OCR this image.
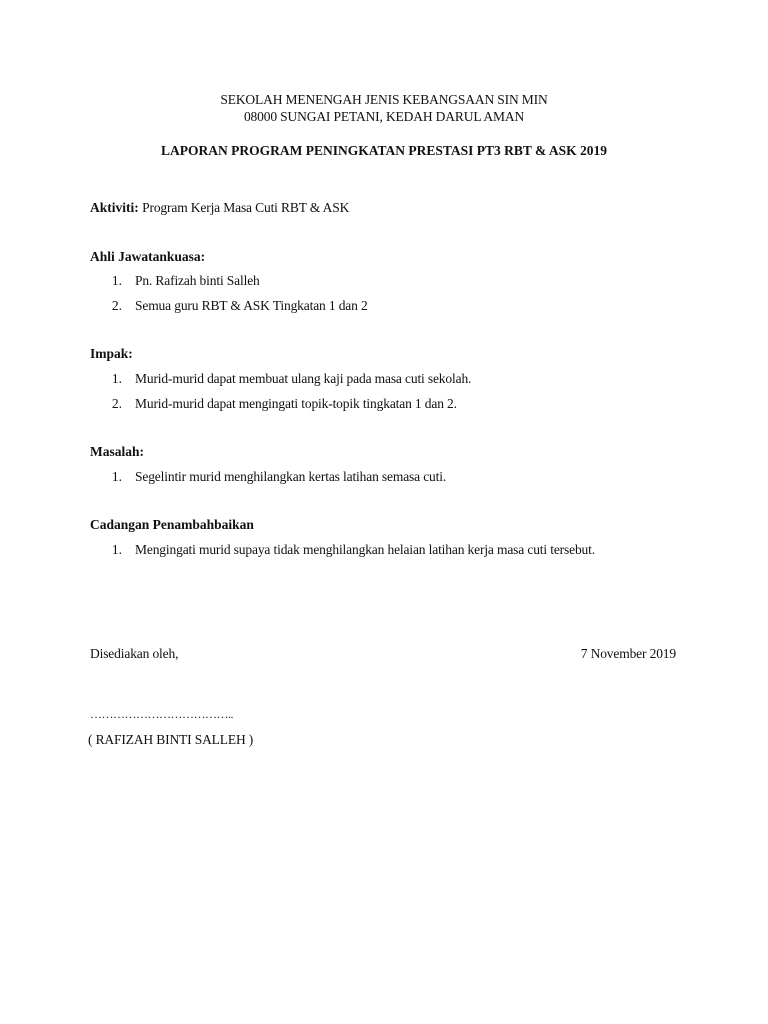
SEKOLAH MENENGAH JENIS KEBANGSAAN SIN MIN
08000 SUNGAI PETANI, KEDAH DARUL AMAN
LAPORAN PROGRAM PENINGKATAN PRESTASI PT3 RBT & ASK 2019
Aktiviti: Program Kerja Masa Cuti RBT & ASK
Ahli Jawatankuasa:
1. Pn. Rafizah binti Salleh
2. Semua guru RBT & ASK Tingkatan 1 dan 2
Impak:
1. Murid-murid dapat membuat ulang kaji pada masa cuti sekolah.
2. Murid-murid dapat mengingati topik-topik tingkatan 1 dan 2.
Masalah:
1. Segelintir murid menghilangkan kertas latihan semasa cuti.
Cadangan Penambahbaikan
1. Mengingati murid supaya tidak menghilangkan helaian latihan kerja masa cuti tersebut.
Disediakan oleh,	7 November 2019
………………………………..
( RAFIZAH BINTI SALLEH )
